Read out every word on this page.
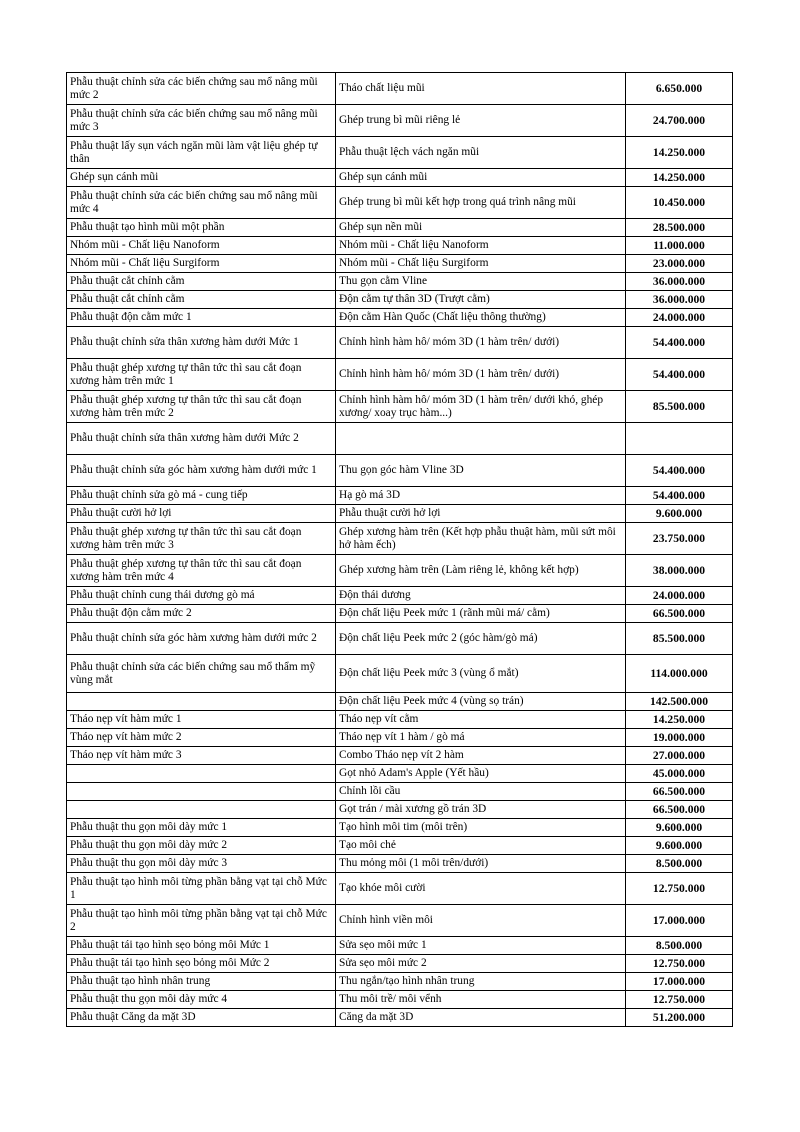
Phẫu thuật chỉnh sửa các biến chứng sau mổ nâng mũi mức 2	Tháo chất liệu mũi	6.650.000
Phẫu thuật chỉnh sửa các biến chứng sau mổ nâng mũi mức 3	Ghép trung bì mũi riêng lẻ	24.700.000
Phẫu thuật lấy sụn vách ngăn mũi làm vật liệu ghép tự thân	Phẫu thuật lệch vách ngăn mũi	14.250.000
Ghép sụn cánh mũi	Ghép sụn cánh mũi	14.250.000
Phẫu thuật chỉnh sửa các biến chứng sau mổ nâng mũi mức 4	Ghép trung bì mũi kết hợp trong quá trình nâng mũi	10.450.000
Phẫu thuật tạo hình mũi một phần	Ghép sụn nền mũi	28.500.000
Nhóm mũi - Chất liệu Nanoform	Nhóm mũi - Chất liệu Nanoform	11.000.000
Nhóm mũi - Chất liệu Surgiform	Nhóm mũi - Chất liệu Surgiform	23.000.000
Phẫu thuật cắt chỉnh cằm	Thu gọn cằm Vline	36.000.000
Phẫu thuật cắt chỉnh cằm	Độn cằm tự thân 3D (Trượt cằm)	36.000.000
Phẫu thuật độn cằm mức 1	Độn cằm Hàn Quốc (Chất liệu thông thường)	24.000.000
Phẫu thuật chỉnh sửa thân xương hàm dưới Mức 1	Chỉnh hình hàm hô/ móm 3D (1 hàm trên/ dưới)	54.400.000
Phẫu thuật ghép xương tự thân tức thì sau cắt đoạn xương hàm trên mức 1	Chỉnh hình hàm hô/ móm 3D (1 hàm trên/ dưới)	54.400.000
Phẫu thuật ghép xương tự thân tức thì sau cắt đoạn xương hàm trên mức 2	Chỉnh hình hàm hô/ móm 3D (1 hàm trên/ dưới khó, ghép xương/ xoay trục hàm...)	85.500.000
Phẫu thuật chỉnh sửa thân xương hàm dưới Mức 2		
Phẫu thuật chỉnh sửa góc hàm xương hàm dưới mức 1	Thu gọn góc hàm Vline 3D	54.400.000
Phẫu thuật chỉnh sửa gò má - cung tiếp	Hạ gò má 3D	54.400.000
Phẫu thuật cười hở lợi	Phẫu thuật cười hở lợi	9.600.000
Phẫu thuật ghép xương tự thân tức thì sau cắt đoạn xương hàm trên mức 3	Ghép xương hàm trên (Kết hợp phẫu thuật hàm, mũi sứt môi hở hàm ếch)	23.750.000
Phẫu thuật ghép xương tự thân tức thì sau cắt đoạn xương hàm trên mức 4	Ghép xương hàm trên (Làm riêng lẻ, không kết hợp)	38.000.000
Phẫu thuật chỉnh cung thái dương gò má	Độn thái dương	24.000.000
Phẫu thuật độn cằm mức 2	Độn chất liệu Peek mức 1 (rãnh mũi má/ cằm)	66.500.000
Phẫu thuật chỉnh sửa góc hàm xương hàm dưới mức 2	Độn chất liệu Peek mức 2 (góc hàm/gò má)	85.500.000
Phẫu thuật chỉnh sửa các biến chứng sau mổ thẩm mỹ vùng mắt	Độn chất liệu Peek mức 3 (vùng ổ mắt)	114.000.000
	Độn chất liệu Peek mức 4 (vùng sọ trán)	142.500.000
Tháo nẹp vít hàm mức 1	Tháo nẹp vít cằm	14.250.000
Tháo nẹp vít hàm mức 2	Tháo nẹp vít 1 hàm / gò má	19.000.000
Tháo nẹp vít hàm mức 3	Combo Tháo nẹp vít 2 hàm	27.000.000
	Gọt nhỏ Adam's Apple (Yết hầu)	45.000.000
	Chỉnh lồi cầu	66.500.000
	Gọt trán / mài xương gồ trán 3D	66.500.000
Phẫu thuật thu gọn môi dày mức 1	Tạo hình môi tim (môi trên)	9.600.000
Phẫu thuật thu gọn môi dày mức 2	Tạo môi chẻ	9.600.000
Phẫu thuật thu gọn môi dày mức 3	Thu mỏng môi (1 môi trên/dưới)	8.500.000
Phẫu thuật tạo hình môi từng phần bằng vạt tại chỗ Mức 1	Tạo khóe môi cười	12.750.000
Phẫu thuật tạo hình môi từng phần bằng vạt tại chỗ Mức 2	Chỉnh hình viền môi	17.000.000
Phẫu thuật tái tạo hình sẹo bỏng môi Mức 1	Sửa sẹo môi mức 1	8.500.000
Phẫu thuật tái tạo hình sẹo bỏng môi Mức 2	Sửa sẹo môi mức 2	12.750.000
Phẫu thuật tạo hình nhân trung	Thu ngắn/tạo hình nhân trung	17.000.000
Phẫu thuật thu gọn môi dày mức 4	Thu môi trề/ môi vểnh	12.750.000
Phẫu thuật Căng da mặt 3D	Căng da mặt 3D	51.200.000
